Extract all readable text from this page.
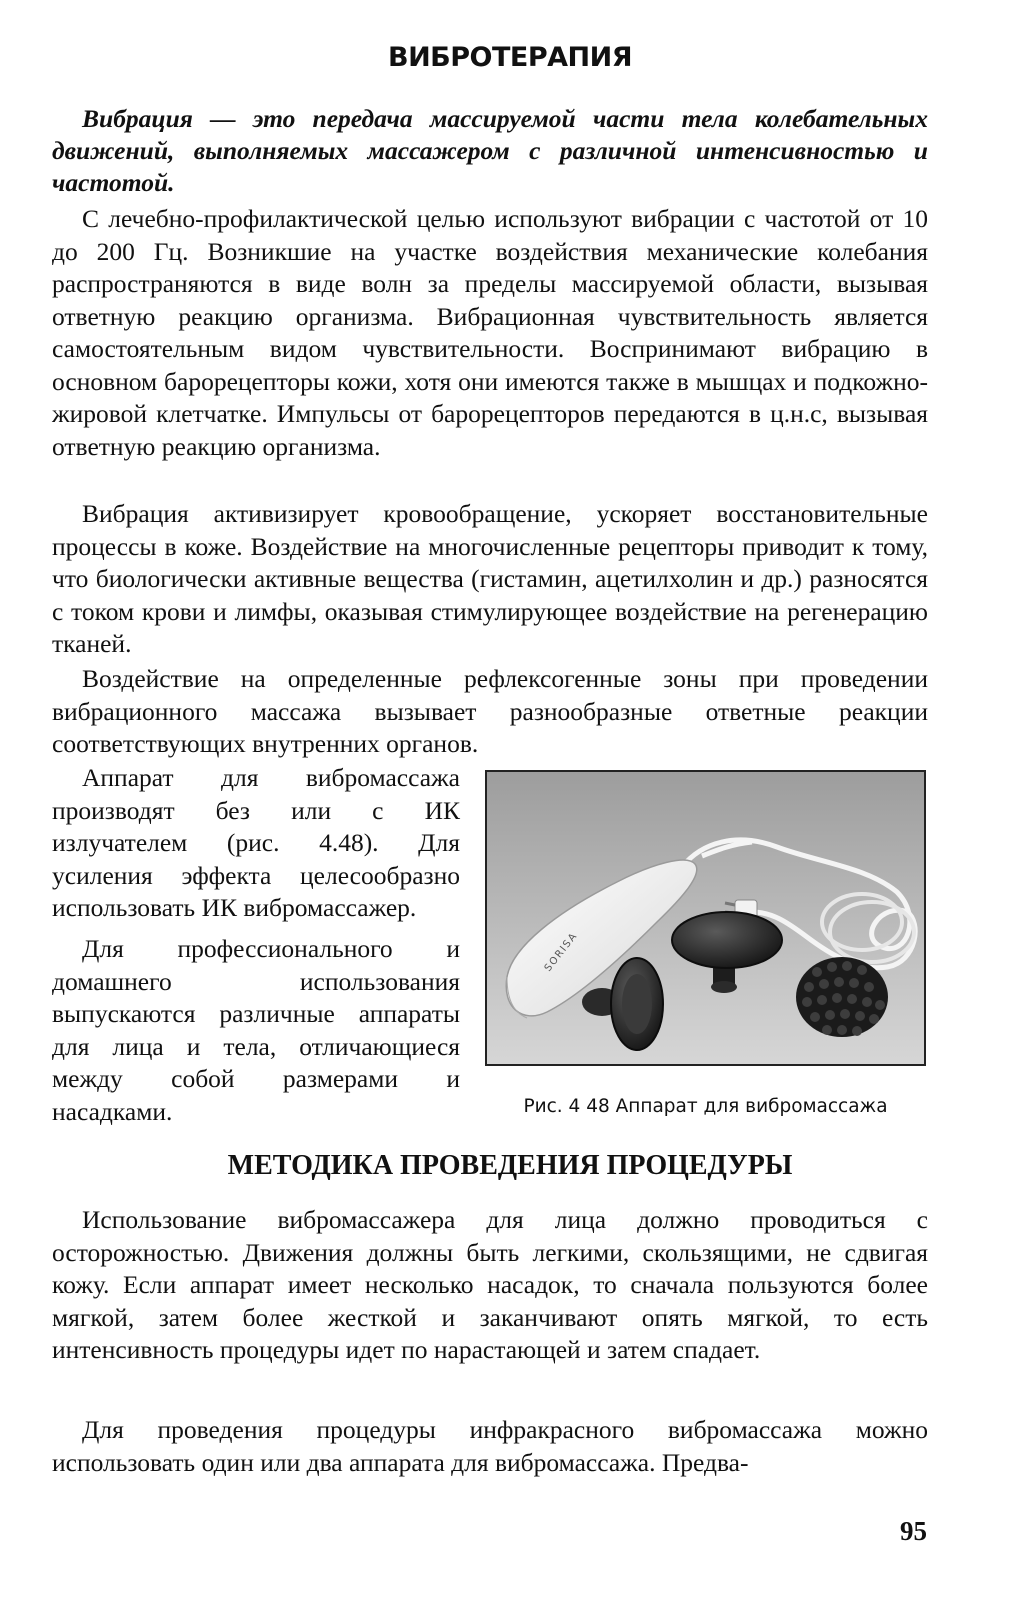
ВИБРОТЕРАПИЯ

Вибрация — это передача массируемой части тела колебательных движений, выполняемых массажером с различной интенсивностью и частотой.

С лечебно-профилактической целью используют вибрации с частотой от 10 до 200 Гц. Возникшие на участке воздействия механические колебания распространяются в виде волн за пределы массируемой области, вызывая ответную реакцию организма. Вибрационная чувствительность является самостоятельным видом чувствительности. Воспринимают вибрацию в основном барорецепторы кожи, хотя они имеются также в мышцах и подкожно-жировой клетчатке. Импульсы от барорецепторов передаются в ц.н.с, вызывая ответную реакцию организма.

Вибрация активизирует кровообращение, ускоряет восстановительные процессы в коже. Воздействие на многочисленные рецепторы приводит к тому, что биологически активные вещества (гистамин, ацетилхолин и др.) разносятся с током крови и лимфы, оказывая стимулирующее воздействие на регенерацию тканей.

Воздействие на определенные рефлексогенные зоны при проведении вибрационного массажа вызывает разнообразные ответные реакции соответствующих внутренних органов.

Аппарат для вибромассажа производят без или с ИК излучателем (рис. 4.48). Для усиления эффекта целесообразно использовать ИК вибромассажер.

Для профессионального и домашнего использования выпускаются различные аппараты для лица и тела, отличающиеся между собой размерами и насадками.

SORISA
Рис. 4 48 Аппарат для вибромассажа
МЕТОДИКА ПРОВЕДЕНИЯ ПРОЦЕДУРЫ

Использование вибромассажера для лица должно проводиться с осторожностью. Движения должны быть легкими, скользящими, не сдвигая кожу. Если аппарат имеет несколько насадок, то сначала пользуются более мягкой, затем более жесткой и заканчивают опять мягкой, то есть интенсивность процедуры идет по нарастающей и затем спадает.

Для проведения процедуры инфракрасного вибромассажа можно использовать один или два аппарата для вибромассажа. Предва-

95
